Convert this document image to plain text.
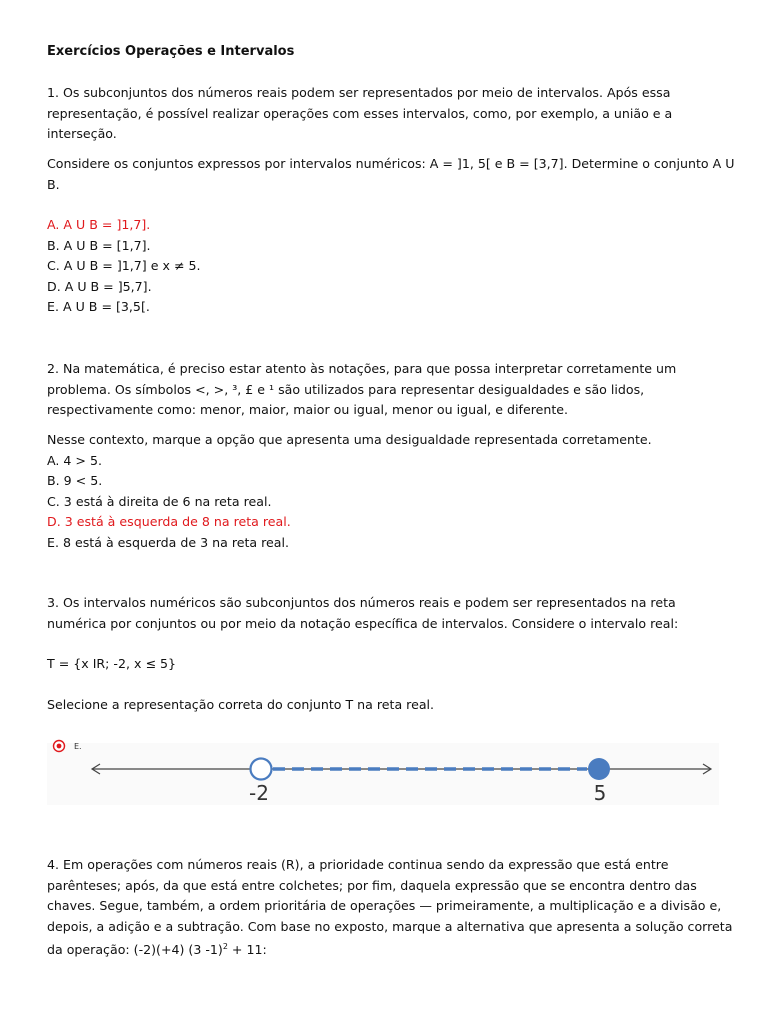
Exercícios Operações e Intervalos
1. Os subconjuntos dos números reais podem ser representados por meio de intervalos. Após essa
representação, é possível realizar operações com esses intervalos, como, por exemplo, a união e a
interseção.
Considere os conjuntos expressos por intervalos numéricos: A = ]1, 5[ e B = [3,7]. Determine o conjunto A U
B.
A. A U B = ]1,7].
B. A U B = [1,7].
C. A U B = ]1,7] e x ≠ 5.
D. A U B = ]5,7].
E. A U B = [3,5[.
2. Na matemática, é preciso estar atento às notações, para que possa interpretar corretamente um
problema. Os símbolos <, >, ³, £ e ¹ são utilizados para representar desigualdades e são lidos,
respectivamente como: menor, maior, maior ou igual, menor ou igual, e diferente.
Nesse contexto, marque a opção que apresenta uma desigualdade representada corretamente.
A. 4 > 5.
B. 9 < 5.
C. 3 está à direita de 6 na reta real.
D. 3 está à esquerda de 8 na reta real.
E. 8 está à esquerda de 3 na reta real.
3. Os intervalos numéricos são subconjuntos dos números reais e podem ser representados na reta
numérica por conjuntos ou por meio da notação específica de intervalos. Considere o intervalo real:
T = {x IR; -2, x ≤ 5}
Selecione a representação correta do conjunto T na reta real.
E.
-2	5
4. Em operações com números reais (R), a prioridade continua sendo da expressão que está entre
parênteses; após, da que está entre colchetes; por fim, daquela expressão que se encontra dentro das
chaves. Segue, também, a ordem prioritária de operações — primeiramente, a multiplicação e a divisão e,
depois, a adição e a subtração. Com base no exposto, marque a alternativa que apresenta a solução correta
da operação: (-2)(+4) (3 -1)$^2$ + 11:
